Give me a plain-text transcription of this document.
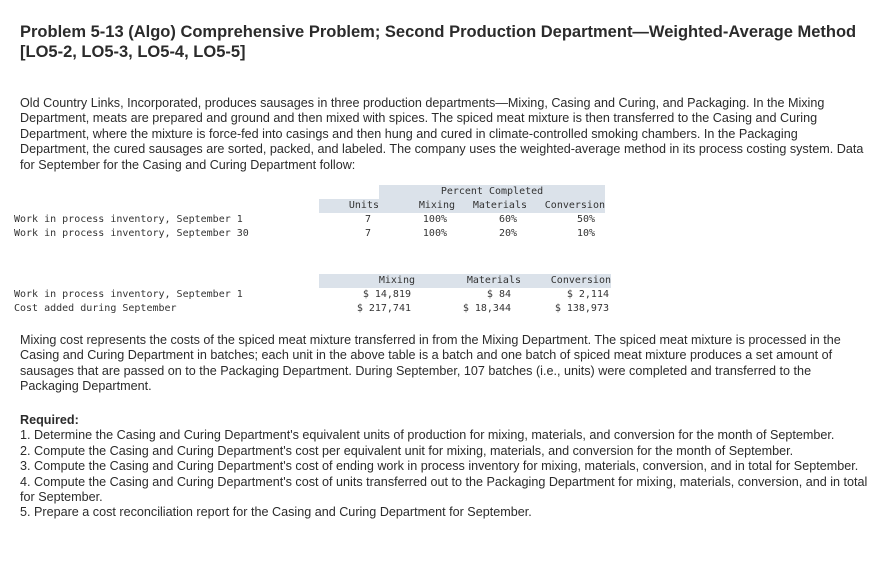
Problem 5-13 (Algo) Comprehensive Problem; Second Production Department—Weighted-Average Method [LO5-2, LO5-3, LO5-4, LO5-5]
Old Country Links, Incorporated, produces sausages in three production departments—Mixing, Casing and Curing, and Packaging. In the Mixing Department, meats are prepared and ground and then mixed with spices. The spiced meat mixture is then transferred to the Casing and Curing Department, where the mixture is force-fed into casings and then hung and cured in climate-controlled smoking chambers. In the Packaging Department, the cured sausages are sorted, packed, and labeled. The company uses the weighted-average method in its process costing system. Data for September for the Casing and Curing Department follow:
		Percent Completed		
	Units	Mixing	Materials	Conversion
Work in process inventory, September 1	7	100%	60%	50%
Work in process inventory, September 30	7	100%	20%	10%
	Mixing	Materials	Conversion
Work in process inventory, September 1	$ 14,819	$ 84	$ 2,114
Cost added during September	$ 217,741	$ 18,344	$ 138,973
Mixing cost represents the costs of the spiced meat mixture transferred in from the Mixing Department. The spiced meat mixture is processed in the Casing and Curing Department in batches; each unit in the above table is a batch and one batch of spiced meat mixture produces a set amount of sausages that are passed on to the Packaging Department. During September, 107 batches (i.e., units) were completed and transferred to the Packaging Department.
Required:
1. Determine the Casing and Curing Department's equivalent units of production for mixing, materials, and conversion for the month of September.
2. Compute the Casing and Curing Department's cost per equivalent unit for mixing, materials, and conversion for the month of September.
3. Compute the Casing and Curing Department's cost of ending work in process inventory for mixing, materials, conversion, and in total for September.
4. Compute the Casing and Curing Department's cost of units transferred out to the Packaging Department for mixing, materials, conversion, and in total for September.
5. Prepare a cost reconciliation report for the Casing and Curing Department for September.
